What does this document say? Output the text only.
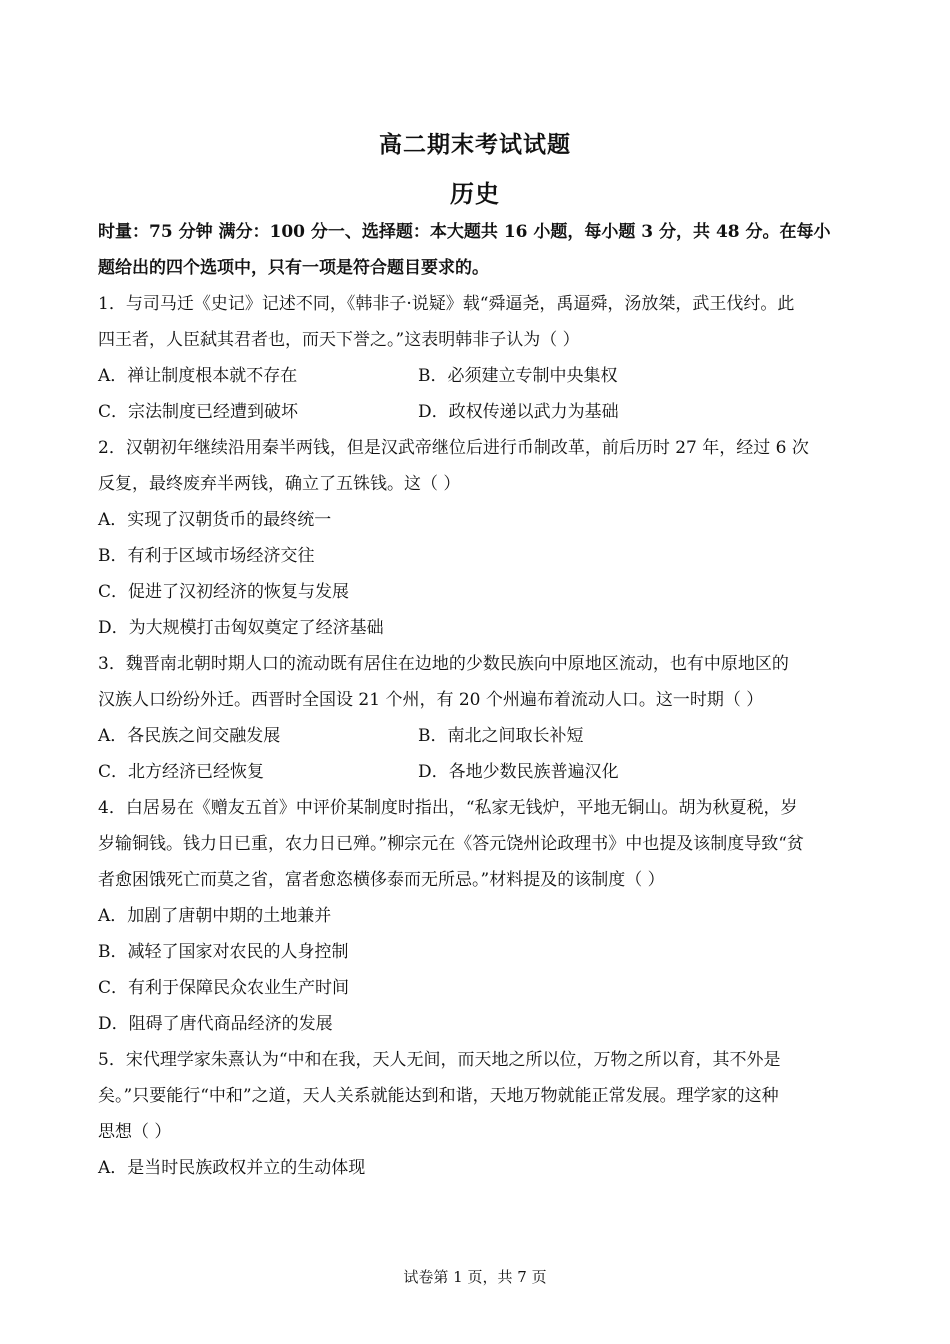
高二期末考试试题
历史
时量：75 分钟 满分：100 分一、选择题：本大题共 16 小题，每小题 3 分，共 48 分。在每小
题给出的四个选项中，只有一项是符合题目要求的。
1．与司马迁《史记》记述不同，《韩非子·说疑》载“舜逼尧，禹逼舜，汤放桀，武王伐纣。此
四王者，人臣弑其君者也，而天下誉之。”这表明韩非子认为（ ）
A．禅让制度根本就不存在	B．必须建立专制中央集权
C．宗法制度已经遭到破坏	D．政权传递以武力为基础
2．汉朝初年继续沿用秦半两钱，但是汉武帝继位后进行币制改革，前后历时 27 年，经过 6 次
反复，最终废弃半两钱，确立了五铢钱。这（ ）
A．实现了汉朝货币的最终统一
B．有利于区域市场经济交往
C．促进了汉初经济的恢复与发展
D．为大规模打击匈奴奠定了经济基础
3．魏晋南北朝时期人口的流动既有居住在边地的少数民族向中原地区流动，也有中原地区的
汉族人口纷纷外迁。西晋时全国设 21 个州，有 20 个州遍布着流动人口。这一时期（ ）
A．各民族之间交融发展	B．南北之间取长补短
C．北方经济已经恢复	D．各地少数民族普遍汉化
4．白居易在《赠友五首》中评价某制度时指出，“私家无钱炉，平地无铜山。胡为秋夏税，岁
岁输铜钱。钱力日已重，农力日已殚。”柳宗元在《答元饶州论政理书》中也提及该制度导致“贫
者愈困饿死亡而莫之省，富者愈恣横侈泰而无所忌。”材料提及的该制度（ ）
A．加剧了唐朝中期的土地兼并
B．减轻了国家对农民的人身控制
C．有利于保障民众农业生产时间
D．阻碍了唐代商品经济的发展
5．宋代理学家朱熹认为“中和在我，天人无间，而天地之所以位，万物之所以育，其不外是
矣。”只要能行“中和”之道，天人关系就能达到和谐，天地万物就能正常发展。理学家的这种
思想（ ）
A．是当时民族政权并立的生动体现
试卷第 1 页，共 7 页
